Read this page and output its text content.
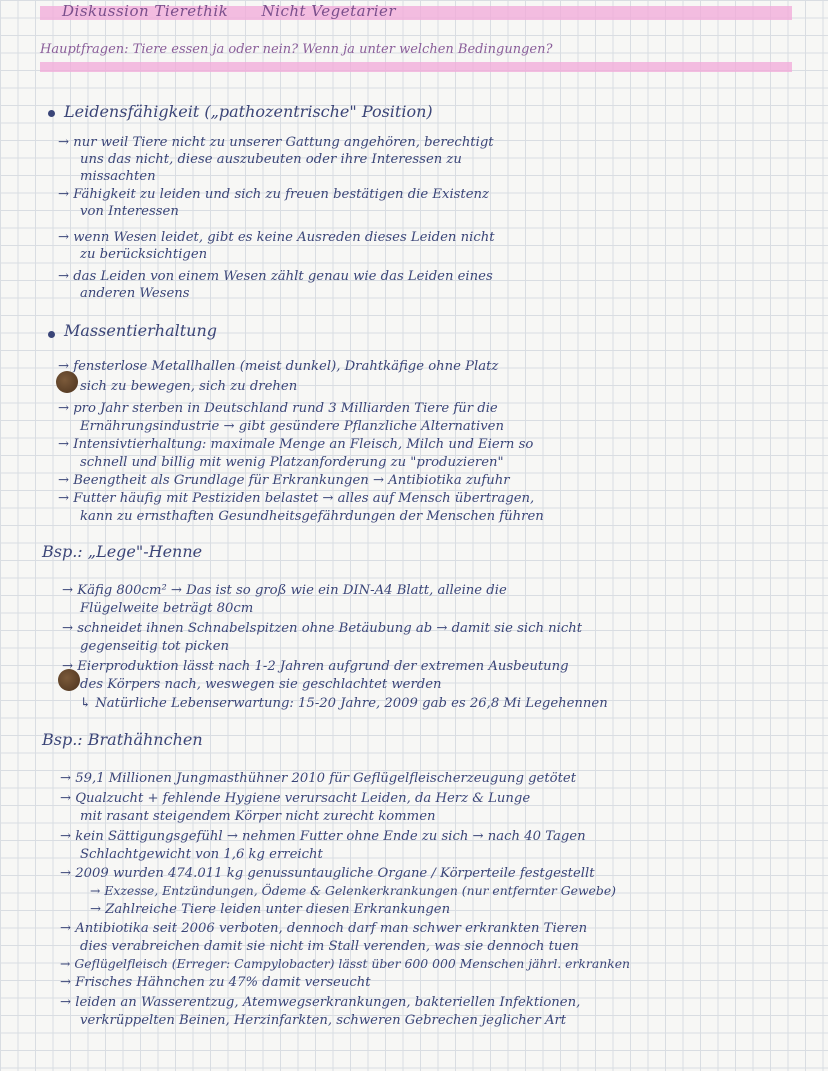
Diskussion Tierethik Nicht Vegetarier
Hauptfragen: Tiere essen ja oder nein? Wenn ja unter welchen Bedingungen?
Leidensfähigkeit („pathozentrische" Position)
→ nur weil Tiere nicht zu unserer Gattung angehören, berechtigt
uns das nicht, diese auszubeuten oder ihre Interessen zu
missachten
→ Fähigkeit zu leiden und sich zu freuen bestätigen die Existenz
von Interessen
→ wenn Wesen leidet, gibt es keine Ausreden dieses Leiden nicht
zu berücksichtigen
→ das Leiden von einem Wesen zählt genau wie das Leiden eines
anderen Wesens
Massentierhaltung
→ fensterlose Metallhallen (meist dunkel), Drahtkäfige ohne Platz
sich zu bewegen, sich zu drehen
→ pro Jahr sterben in Deutschland rund 3 Milliarden Tiere für die
Ernährungsindustrie → gibt gesündere Pflanzliche Alternativen
→ Intensivtierhaltung: maximale Menge an Fleisch, Milch und Eiern so
schnell und billig mit wenig Platzanforderung zu "produzieren"
→ Beengtheit als Grundlage für Erkrankungen → Antibiotika zufuhr
→ Futter häufig mit Pestiziden belastet → alles auf Mensch übertragen,
kann zu ernsthaften Gesundheitsgefährdungen der Menschen führen
Bsp.: „Lege"-Henne
→ Käfig 800cm² → Das ist so groß wie ein DIN-A4 Blatt, alleine die
Flügelweite beträgt 80cm
→ schneidet ihnen Schnabelspitzen ohne Betäubung ab → damit sie sich nicht
gegenseitig tot picken
→ Eierproduktion lässt nach 1-2 Jahren aufgrund der extremen Ausbeutung
des Körpers nach, weswegen sie geschlachtet werden
↳ Natürliche Lebenserwartung: 15-20 Jahre, 2009 gab es 26,8 Mi Legehennen
Bsp.: Brathähnchen
→ 59,1 Millionen Jungmasthühner 2010 für Geflügelfleischerzeugung getötet
→ Qualzucht + fehlende Hygiene verursacht Leiden, da Herz & Lunge
mit rasant steigendem Körper nicht zurecht kommen
→ kein Sättigungsgefühl → nehmen Futter ohne Ende zu sich → nach 40 Tagen
Schlachtgewicht von 1,6 kg erreicht
→ 2009 wurden 474.011 kg genussuntaugliche Organe / Körperteile festgestellt
→ Exzesse, Entzündungen, Ödeme & Gelenkerkrankungen (nur entfernter Gewebe)
→ Zahlreiche Tiere leiden unter diesen Erkrankungen
→ Antibiotika seit 2006 verboten, dennoch darf man schwer erkrankten Tieren
dies verabreichen damit sie nicht im Stall verenden, was sie dennoch tuen
→ Geflügelfleisch (Erreger: Campylobacter) lässt über 600 000 Menschen jährl. erkranken
→ Frisches Hähnchen zu 47% damit verseucht
→ leiden an Wasserentzug, Atemwegserkrankungen, bakteriellen Infektionen,
verkrüppelten Beinen, Herzinfarkten, schweren Gebrechen jeglicher Art
